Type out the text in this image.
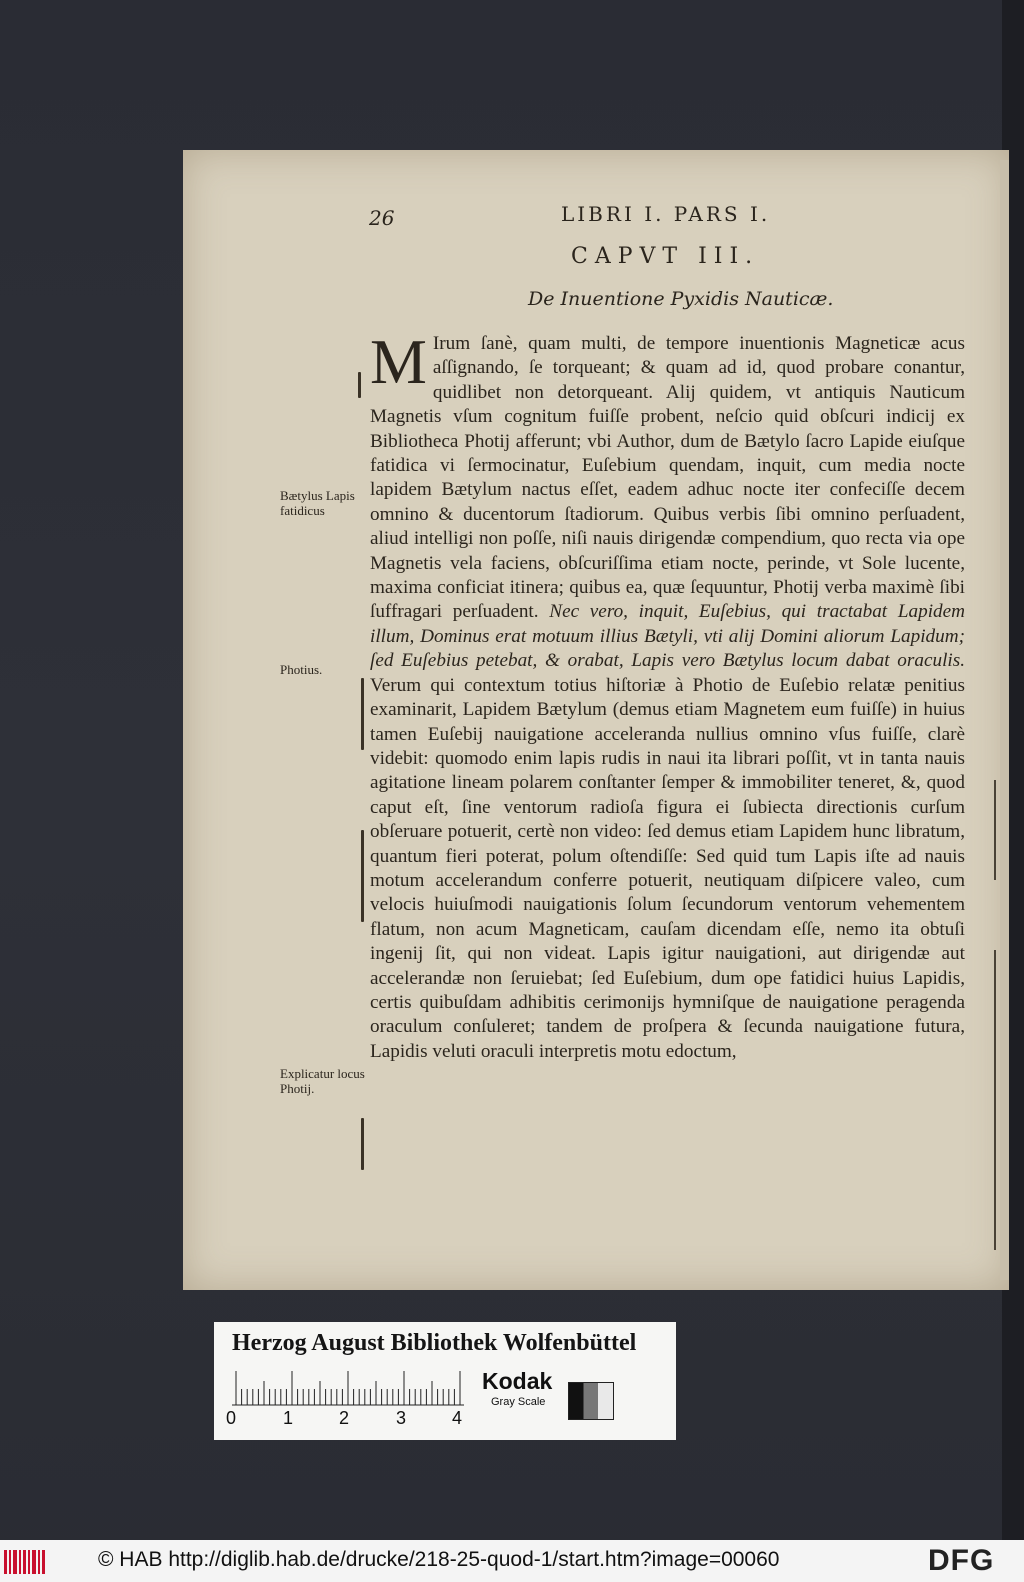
26	LIBRI I. PARS I.
CAPVT III.
De Inuentione Pyxidis Nauticæ.

M Irum ſanè, quam multi, de tempore inuentionis Magneticæ acus aſſignando, ſe torqueant; & quam ad id, quod probare conantur, quidlibet non detorqueant. Alij quidem, vt antiquis Nauticum Magnetis vſum cognitum fuiſſe probent, neſcio quid obſcuri indicij ex Bibliotheca Photij afferunt; vbi Author, dum de Bætylo ſacro Lapide eiuſque fatidica vi ſermocinatur, Euſebium quendam, inquit, cum media nocte lapidem Bætylum nactus eſſet, eadem adhuc nocte iter confeciſſe decem omnino & ducentorum ſtadiorum. Quibus verbis ſibi omnino perſuadent, aliud intelligi non poſſe, niſi nauis dirigendæ compendium, quo recta via ope Magnetis vela faciens, obſcuriſſima etiam nocte, perinde, vt Sole lucente, maxima conficiat itinera; quibus ea, quæ ſequuntur, Photij verba maximè ſibi ſuffragari perſuadent. Nec vero, inquit, Euſebius, qui tractabat Lapidem illum, Dominus erat motuum illius Bætyli, vti alij Domini aliorum Lapidum; ſed Euſebius petebat, & orabat, Lapis vero Bætylus locum dabat oraculis. Verum qui contextum totius hiſtoriæ à Photio de Euſebio relatæ penitius examinarit, Lapidem Bætylum (demus etiam Magnetem eum fuiſſe) in huius tamen Euſebij nauigatione acceleranda nullius omnino vſus fuiſſe, clarè videbit: quomodo enim lapis rudis in naui ita librari poſſit, vt in tanta nauis agitatione lineam polarem conſtanter ſemper & immobiliter teneret, &, quod caput eſt, ſine ventorum radioſa figura ei ſubiecta directionis curſum obſeruare potuerit, certè non video: ſed demus etiam Lapidem hunc libratum, quantum fieri poterat, polum oſtendiſſe: Sed quid tum Lapis iſte ad nauis motum accelerandum conferre potuerit, neutiquam diſpicere valeo, cum velocis huiuſmodi nauigationis ſolum ſecundorum ventorum vehementem flatum, non acum Magneticam, cauſam dicendam eſſe, nemo ita obtuſi ingenij ſit, qui non videat. Lapis igitur nauigationi, aut dirigendæ aut accelerandæ non ſeruiebat; ſed Euſebium, dum ope fatidici huius Lapidis, certis quibuſdam adhibitis cerimonijs hymniſque de nauigatione peragenda oraculum conſuleret; tandem de proſpera & ſecunda nauigatione futura, Lapidis veluti oraculi interpretis motu edoctum,

Bætylus Lapis fatidicus
Photius.
Explicatur locus Photij.
Herzog August Bibliothek Wolfenbüttel
0	1	2	3	4
Kodak
Gray Scale
© HAB http://diglib.hab.de/drucke/218-25-quod-1/start.htm?image=00060	DFG
